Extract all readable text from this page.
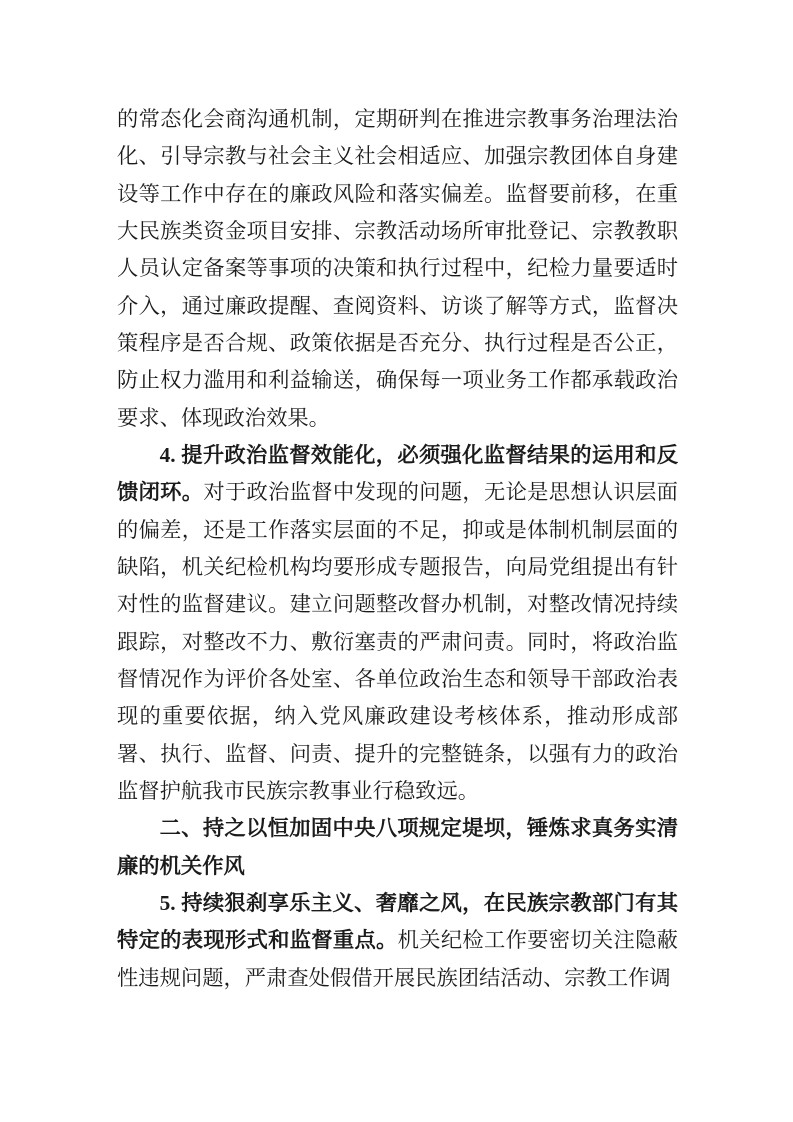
的常态化会商沟通机制，定期研判在推进宗教事务治理法治化、引导宗教与社会主义社会相适应、加强宗教团体自身建设等工作中存在的廉政风险和落实偏差。监督要前移，在重大民族类资金项目安排、宗教活动场所审批登记、宗教教职人员认定备案等事项的决策和执行过程中，纪检力量要适时介入，通过廉政提醒、查阅资料、访谈了解等方式，监督决策程序是否合规、政策依据是否充分、执行过程是否公正，防止权力滥用和利益输送，确保每一项业务工作都承载政治要求、体现政治效果。

4. 提升政治监督效能化，必须强化监督结果的运用和反馈闭环。对于政治监督中发现的问题，无论是思想认识层面的偏差，还是工作落实层面的不足，抑或是体制机制层面的缺陷，机关纪检机构均要形成专题报告，向局党组提出有针对性的监督建议。建立问题整改督办机制，对整改情况持续跟踪，对整改不力、敷衍塞责的严肃问责。同时，将政治监督情况作为评价各处室、各单位政治生态和领导干部政治表现的重要依据，纳入党风廉政建设考核体系，推动形成部署、执行、监督、问责、提升的完整链条，以强有力的政治监督护航我市民族宗教事业行稳致远。

二、持之以恒加固中央八项规定堤坝，锤炼求真务实清廉的机关作风

5. 持续狠刹享乐主义、奢靡之风，在民族宗教部门有其特定的表现形式和监督重点。机关纪检工作要密切关注隐蔽性违规问题，严肃查处假借开展民族团结活动、宗教工作调
